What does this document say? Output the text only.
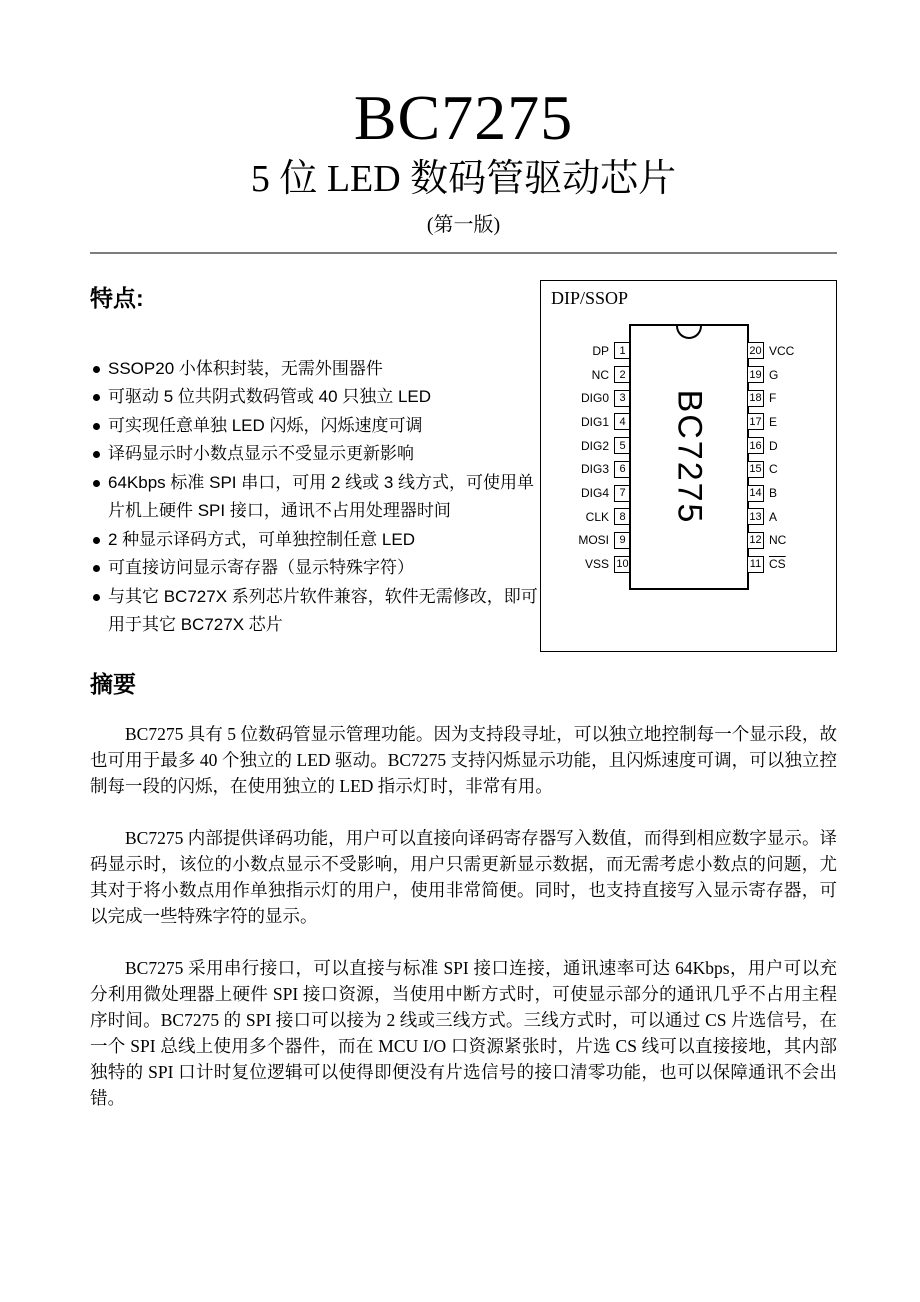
BC7275
5 位 LED 数码管驱动芯片
(第一版)
特点:
SSOP20 小体积封装，无需外围器件
可驱动 5 位共阴式数码管或 40 只独立 LED
可实现任意单独 LED 闪烁，闪烁速度可调
译码显示时小数点显示不受显示更新影响
64Kbps 标准 SPI 串口，可用 2 线或 3 线方式，可使用单片机上硬件 SPI 接口，通讯不占用处理器时间
2 种显示译码方式，可单独控制任意 LED
可直接访问显示寄存器（显示特殊字符）
与其它 BC727X 系列芯片软件兼容，软件无需修改，即可用于其它 BC727X 芯片
DIP/SSOP
DP 1
NC 2
DIG0 3
DIG1 4
DIG2 5
DIG3 6
DIG4 7
CLK 8
MOSI 9
VSS 10
BC7275
20 VCC
19 G
18 F
17 E
16 D
15 C
14 B
13 A
12 NC
11 $\overline{CS}$
摘要

BC7275 具有 5 位数码管显示管理功能。因为支持段寻址，可以独立地控制每一个显示段，故也可用于最多 40 个独立的 LED 驱动。BC7275 支持闪烁显示功能，且闪烁速度可调，可以独立控制每一段的闪烁，在使用独立的 LED 指示灯时，非常有用。

BC7275 内部提供译码功能，用户可以直接向译码寄存器写入数值，而得到相应数字显示。译码显示时，该位的小数点显示不受影响，用户只需更新显示数据，而无需考虑小数点的问题，尤其对于将小数点用作单独指示灯的用户，使用非常简便。同时，也支持直接写入显示寄存器，可以完成一些特殊字符的显示。

BC7275 采用串行接口，可以直接与标准 SPI 接口连接，通讯速率可达 64Kbps，用户可以充分利用微处理器上硬件 SPI 接口资源，当使用中断方式时，可使显示部分的通讯几乎不占用主程序时间。BC7275 的 SPI 接口可以接为 2 线或三线方式。三线方式时，可以通过 CS 片选信号，在一个 SPI 总线上使用多个器件，而在 MCU I/O 口资源紧张时，片选 CS 线可以直接接地，其内部独特的 SPI 口计时复位逻辑可以使得即便没有片选信号的接口清零功能，也可以保障通讯不会出错。
